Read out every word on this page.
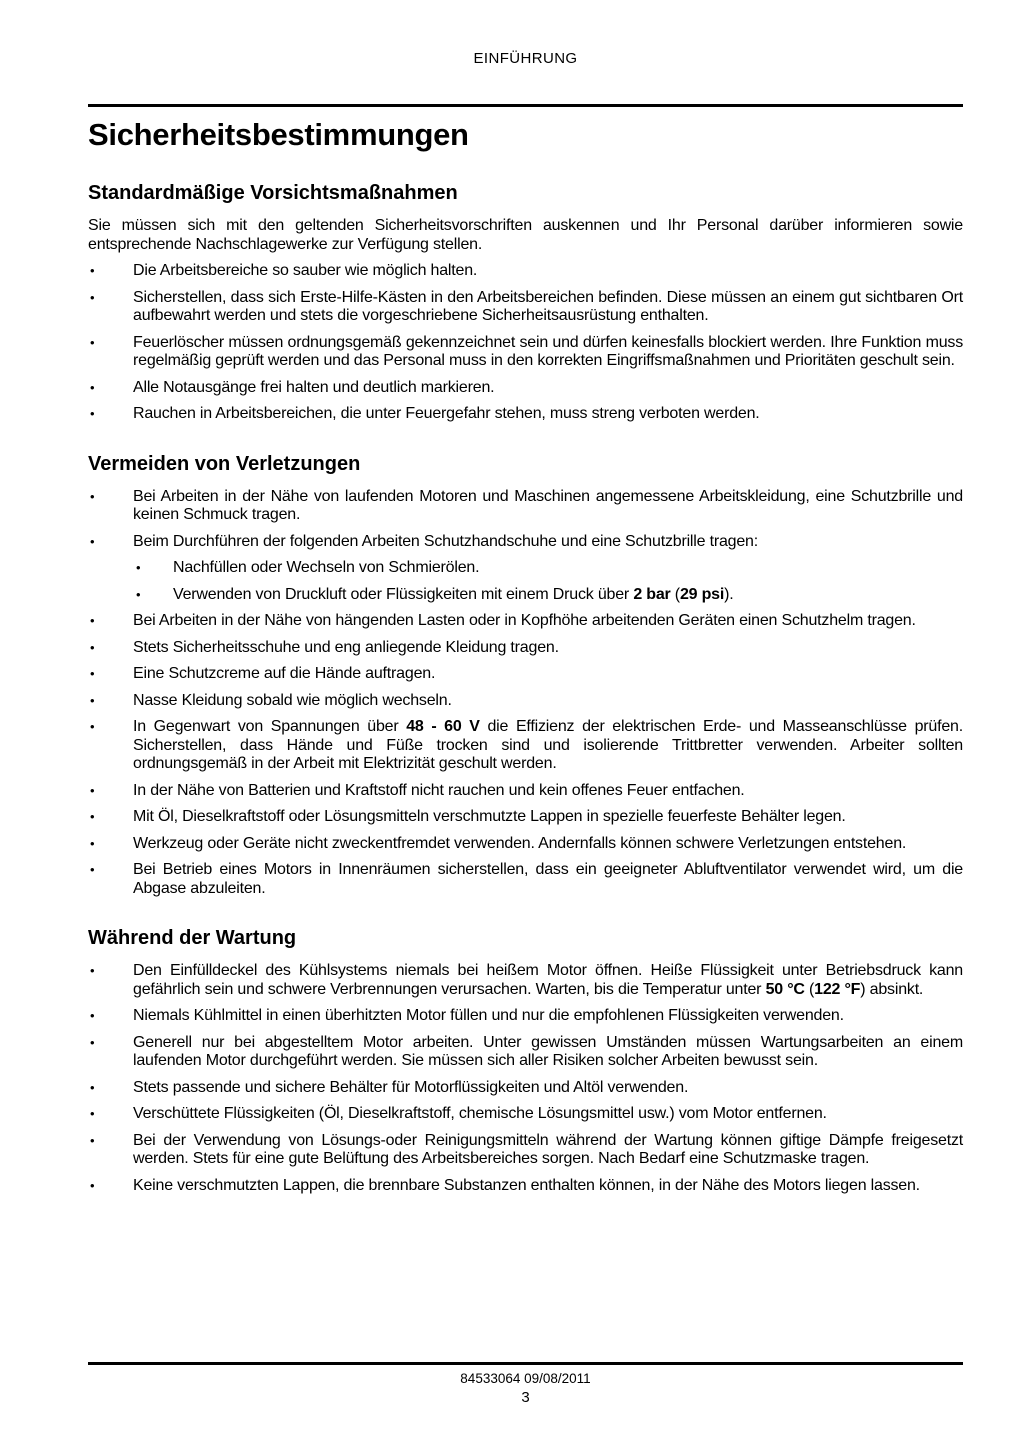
EINFÜHRUNG
Sicherheitsbestimmungen
Standardmäßige Vorsichtsmaßnahmen

Sie müssen sich mit den geltenden Sicherheitsvorschriften auskennen und Ihr Personal darüber informieren sowie entsprechende Nachschlagewerke zur Verfügung stellen.

•	Die Arbeitsbereiche so sauber wie möglich halten.
•	Sicherstellen, dass sich Erste-Hilfe-Kästen in den Arbeitsbereichen befinden. Diese müssen an einem gut sichtbaren Ort aufbewahrt werden und stets die vorgeschriebene Sicherheitsausrüstung enthalten.
•	Feuerlöscher müssen ordnungsgemäß gekennzeichnet sein und dürfen keinesfalls blockiert werden. Ihre Funktion muss regelmäßig geprüft werden und das Personal muss in den korrekten Eingriffsmaßnahmen und Prioritäten geschult sein.
•	Alle Notausgänge frei halten und deutlich markieren.
•	Rauchen in Arbeitsbereichen, die unter Feuergefahr stehen, muss streng verboten werden.
Vermeiden von Verletzungen
•	Bei Arbeiten in der Nähe von laufenden Motoren und Maschinen angemessene Arbeitskleidung, eine Schutzbrille und keinen Schmuck tragen.
•	Beim Durchführen der folgenden Arbeiten Schutzhandschuhe und eine Schutzbrille tragen:
•	Nachfüllen oder Wechseln von Schmierölen.
•	Verwenden von Druckluft oder Flüssigkeiten mit einem Druck über 2 bar (29 psi).
•	Bei Arbeiten in der Nähe von hängenden Lasten oder in Kopfhöhe arbeitenden Geräten einen Schutzhelm tragen.
•	Stets Sicherheitsschuhe und eng anliegende Kleidung tragen.
•	Eine Schutzcreme auf die Hände auftragen.
•	Nasse Kleidung sobald wie möglich wechseln.
•	In Gegenwart von Spannungen über 48 - 60 V die Effizienz der elektrischen Erde- und Masseanschlüsse prüfen. Sicherstellen, dass Hände und Füße trocken sind und isolierende Trittbretter verwenden. Arbeiter sollten ordnungsgemäß in der Arbeit mit Elektrizität geschult werden.
•	In der Nähe von Batterien und Kraftstoff nicht rauchen und kein offenes Feuer entfachen.
•	Mit Öl, Dieselkraftstoff oder Lösungsmitteln verschmutzte Lappen in spezielle feuerfeste Behälter legen.
•	Werkzeug oder Geräte nicht zweckentfremdet verwenden. Andernfalls können schwere Verletzungen entstehen.
•	Bei Betrieb eines Motors in Innenräumen sicherstellen, dass ein geeigneter Abluftventilator verwendet wird, um die Abgase abzuleiten.
Während der Wartung
•	Den Einfülldeckel des Kühlsystems niemals bei heißem Motor öffnen. Heiße Flüssigkeit unter Betriebsdruck kann gefährlich sein und schwere Verbrennungen verursachen. Warten, bis die Temperatur unter 50 °C (122 °F) absinkt.
•	Niemals Kühlmittel in einen überhitzten Motor füllen und nur die empfohlenen Flüssigkeiten verwenden.
•	Generell nur bei abgestelltem Motor arbeiten. Unter gewissen Umständen müssen Wartungsarbeiten an einem laufenden Motor durchgeführt werden. Sie müssen sich aller Risiken solcher Arbeiten bewusst sein.
•	Stets passende und sichere Behälter für Motorflüssigkeiten und Altöl verwenden.
•	Verschüttete Flüssigkeiten (Öl, Dieselkraftstoff, chemische Lösungsmittel usw.) vom Motor entfernen.
•	Bei der Verwendung von Lösungs-oder Reinigungsmitteln während der Wartung können giftige Dämpfe freigesetzt werden. Stets für eine gute Belüftung des Arbeitsbereiches sorgen. Nach Bedarf eine Schutzmaske tragen.
•	Keine verschmutzten Lappen, die brennbare Substanzen enthalten können, in der Nähe des Motors liegen lassen.
84533064 09/08/2011
3
